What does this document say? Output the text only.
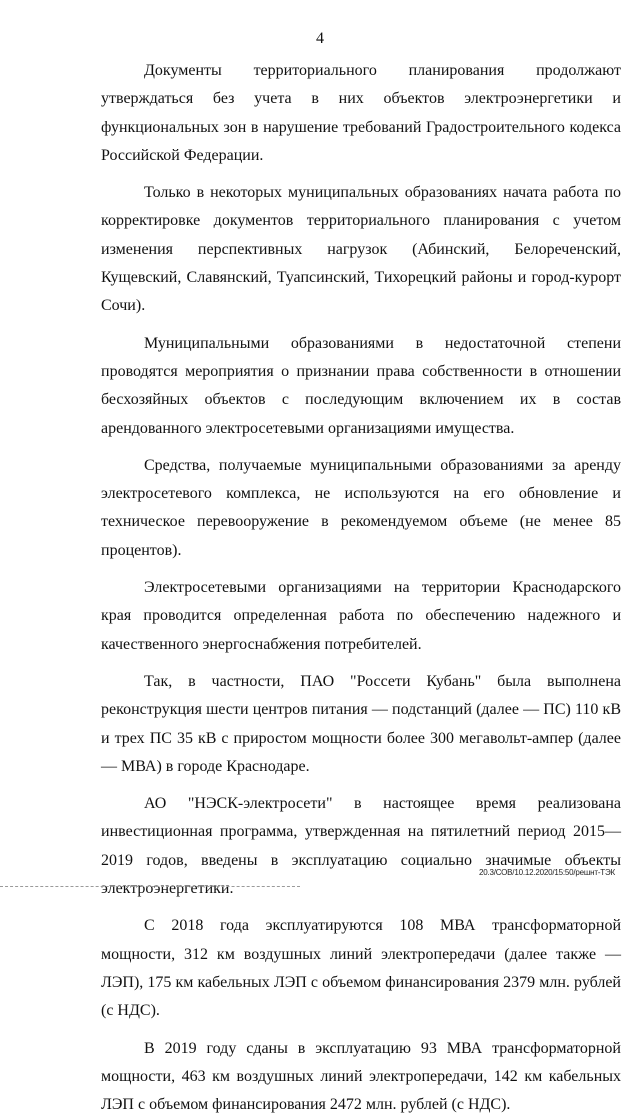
4

Документы территориального планирования продолжают утверждаться без учета в них объектов электроэнергетики и функциональных зон в нарушение требований Градостроительного кодекса Российской Федерации.

Только в некоторых муниципальных образованиях начата работа по корректировке документов территориального планирования с учетом изменения перспективных нагрузок (Абинский, Белореченский, Кущевский, Славянский, Туапсинский, Тихорецкий районы и город-курорт Сочи).

Муниципальными образованиями в недостаточной степени проводятся мероприятия о признании права собственности в отношении бесхозяйных объектов с последующим включением их в состав арендованного электросетевыми организациями имущества.

Средства, получаемые муниципальными образованиями за аренду электросетевого комплекса, не используются на его обновление и техническое перевооружение в рекомендуемом объеме (не менее 85 процентов).

Электросетевыми организациями на территории Краснодарского края проводится определенная работа по обеспечению надежного и качественного энергоснабжения потребителей.

Так, в частности, ПАО "Россети Кубань" была выполнена реконструкция шести центров питания — подстанций (далее — ПС) 110 кВ и трех ПС 35 кВ с приростом мощности более 300 мегавольт-ампер (далее — МВА) в городе Краснодаре.

АО "НЭСК-электросети" в настоящее время реализована инвестиционная программа, утвержденная на пятилетний период 2015—2019 годов, введены в эксплуатацию социально значимые объекты электроэнергетики.

С 2018 года эксплуатируются 108 МВА трансформаторной мощности, 312 км воздушных линий электропередачи (далее также — ЛЭП), 175 км кабельных ЛЭП с объемом финансирования 2379 млн. рублей (с НДС).

В 2019 году сданы в эксплуатацию 93 МВА трансформаторной мощности, 463 км воздушных линий электропередачи, 142 км кабельных ЛЭП с объемом финансирования 2472 млн. рублей (с НДС).

20.3/СОВ/10.12.2020/15:50/решнт-ТЭК
